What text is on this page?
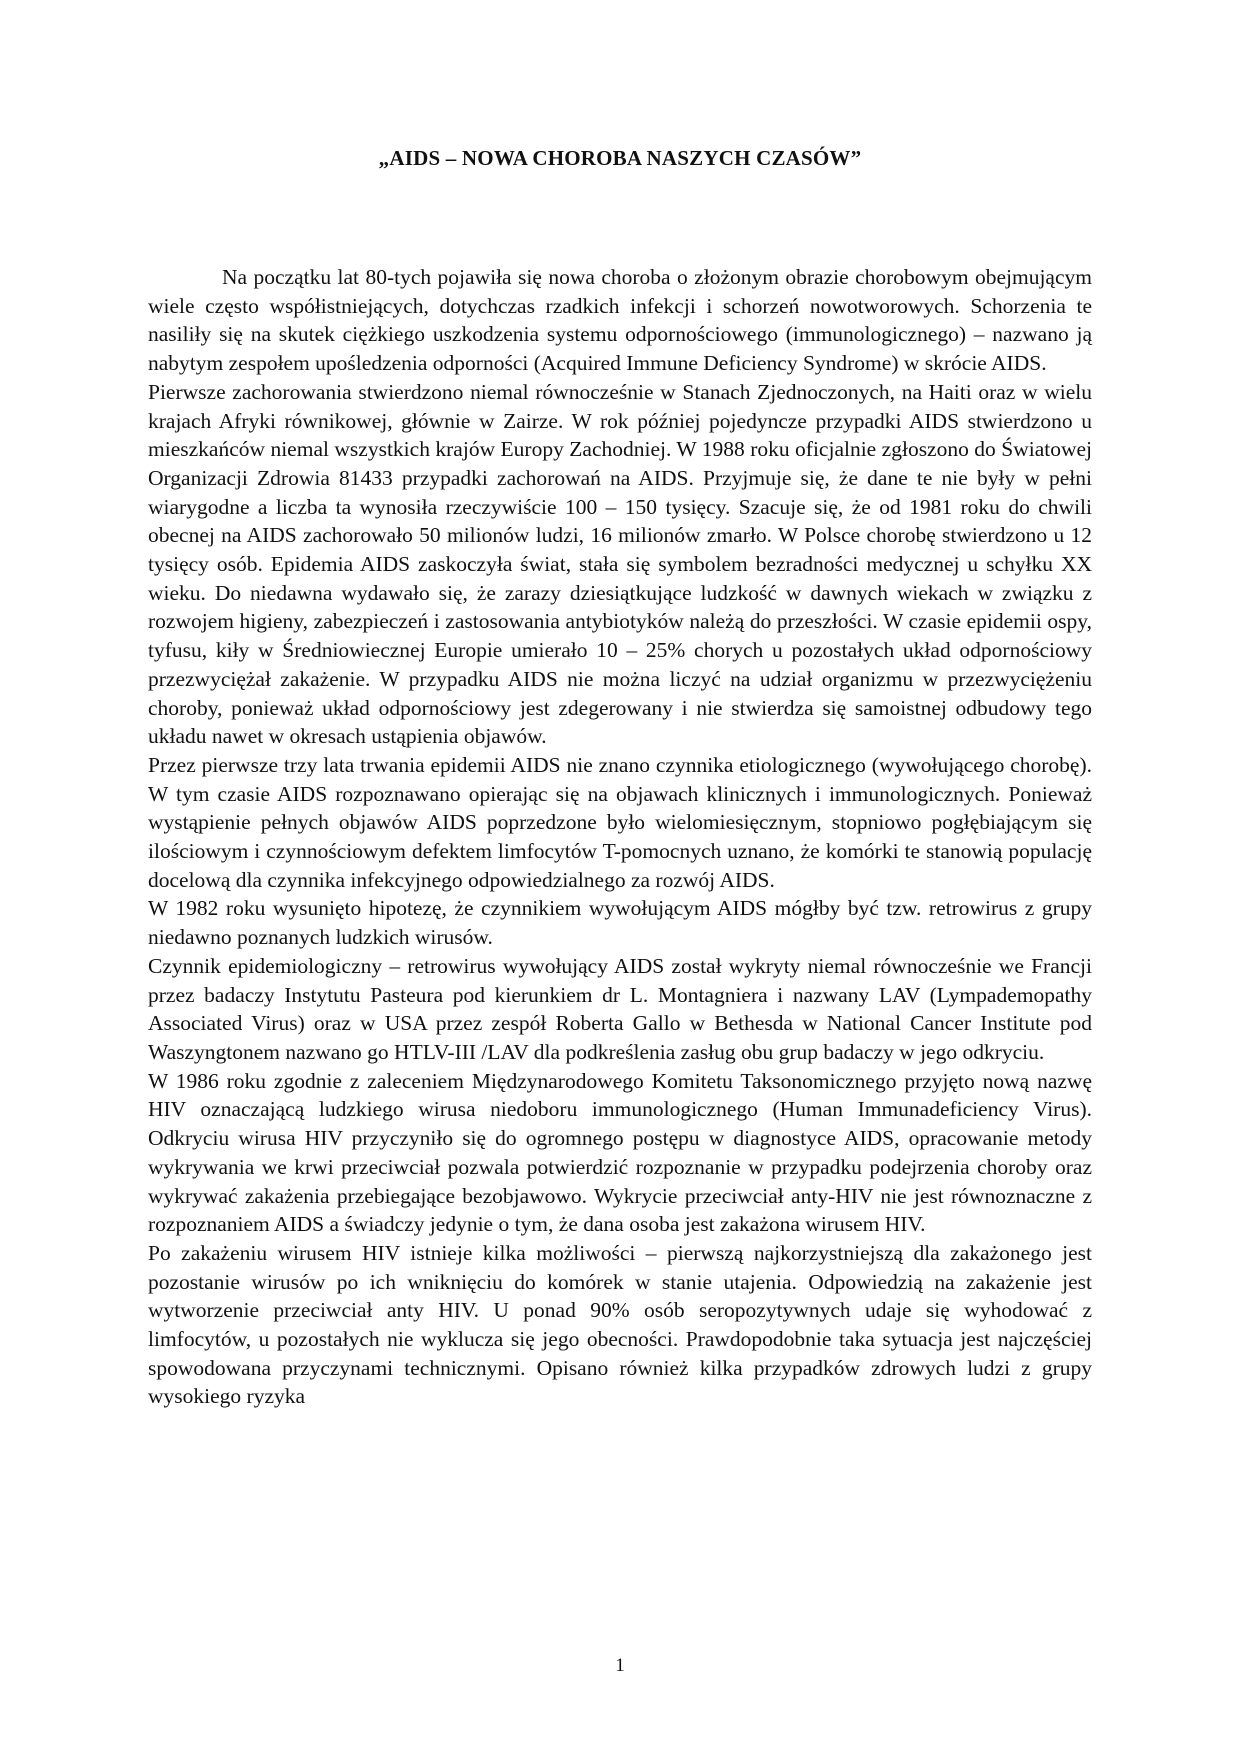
„AIDS – NOWA CHOROBA NASZYCH CZASÓW”

Na początku lat 80-tych pojawiła się nowa choroba o złożonym obrazie chorobowym obejmującym wiele często współistniejących, dotychczas rzadkich infekcji i schorzeń nowotworowych. Schorzenia te nasiliły się na skutek ciężkiego uszkodzenia systemu odpornościowego (immunologicznego) – nazwano ją nabytym zespołem upośledzenia odporności (Acquired Immune Deficiency Syndrome) w skrócie AIDS.

Pierwsze zachorowania stwierdzono niemal równocześnie w Stanach Zjednoczonych, na Haiti oraz w wielu krajach Afryki równikowej, głównie w Zairze. W rok później pojedyncze przypadki AIDS stwierdzono u mieszkańców niemal wszystkich krajów Europy Zachodniej. W 1988 roku oficjalnie zgłoszono do Światowej Organizacji Zdrowia 81433 przypadki zachorowań na AIDS. Przyjmuje się, że dane te nie były w pełni wiarygodne a liczba ta wynosiła rzeczywiście 100 – 150 tysięcy. Szacuje się, że od 1981 roku do chwili obecnej na AIDS zachorowało 50 milionów ludzi, 16 milionów zmarło. W Polsce chorobę stwierdzono u 12 tysięcy osób. Epidemia AIDS zaskoczyła świat, stała się symbolem bezradności medycznej u schyłku XX wieku. Do niedawna wydawało się, że zarazy dziesiątkujące ludzkość w dawnych wiekach w związku z rozwojem higieny, zabezpieczeń i zastosowania antybiotyków należą do przeszłości. W czasie epidemii ospy, tyfusu, kiły w Średniowiecznej Europie umierało 10 – 25% chorych u pozostałych układ odpornościowy przezwyciężał zakażenie. W przypadku AIDS nie można liczyć na udział organizmu w przezwyciężeniu choroby, ponieważ układ odpornościowy jest zdegerowany i nie stwierdza się samoistnej odbudowy tego układu nawet w okresach ustąpienia objawów.

Przez pierwsze trzy lata trwania epidemii AIDS nie znano czynnika etiologicznego (wywołującego chorobę). W tym czasie AIDS rozpoznawano opierając się na objawach klinicznych i immunologicznych. Ponieważ wystąpienie pełnych objawów AIDS poprzedzone było wielomiesięcznym, stopniowo pogłębiającym się ilościowym i czynnościowym defektem limfocytów T-pomocnych uznano, że komórki te stanowią populację docelową dla czynnika infekcyjnego odpowiedzialnego za rozwój AIDS.

W 1982 roku wysunięto hipotezę, że czynnikiem wywołującym AIDS mógłby być tzw. retrowirus z grupy niedawno poznanych ludzkich wirusów.

Czynnik epidemiologiczny – retrowirus wywołujący AIDS został wykryty niemal równocześnie we Francji przez badaczy Instytutu Pasteura pod kierunkiem dr L. Montagniera i nazwany LAV (Lympademopathy Associated Virus) oraz w USA przez zespół Roberta Gallo w Bethesda w National Cancer Institute pod Waszyngtonem nazwano go HTLV-III /LAV dla podkreślenia zasług obu grup badaczy w jego odkryciu.

W 1986 roku zgodnie z zaleceniem Międzynarodowego Komitetu Taksonomicznego przyjęto nową nazwę HIV oznaczającą ludzkiego wirusa niedoboru immunologicznego (Human Immunadeficiency Virus). Odkryciu wirusa HIV przyczyniło się do ogromnego postępu w diagnostyce AIDS, opracowanie metody wykrywania we krwi przeciwciał pozwala potwierdzić rozpoznanie w przypadku podejrzenia choroby oraz wykrywać zakażenia przebiegające bezobjawowo. Wykrycie przeciwciał anty-HIV nie jest równoznaczne z rozpoznaniem AIDS a świadczy jedynie o tym, że dana osoba jest zakażona wirusem HIV.

Po zakażeniu wirusem HIV istnieje kilka możliwości – pierwszą najkorzystniejszą dla zakażonego jest pozostanie wirusów po ich wniknięciu do komórek w stanie utajenia. Odpowiedzią na zakażenie jest wytworzenie przeciwciał anty HIV. U ponad 90% osób seropozytywnych udaje się wyhodować z limfocytów, u pozostałych nie wyklucza się jego obecności. Prawdopodobnie taka sytuacja jest najczęściej spowodowana przyczynami technicznymi. Opisano również kilka przypadków zdrowych ludzi z grupy wysokiego ryzyka

1
